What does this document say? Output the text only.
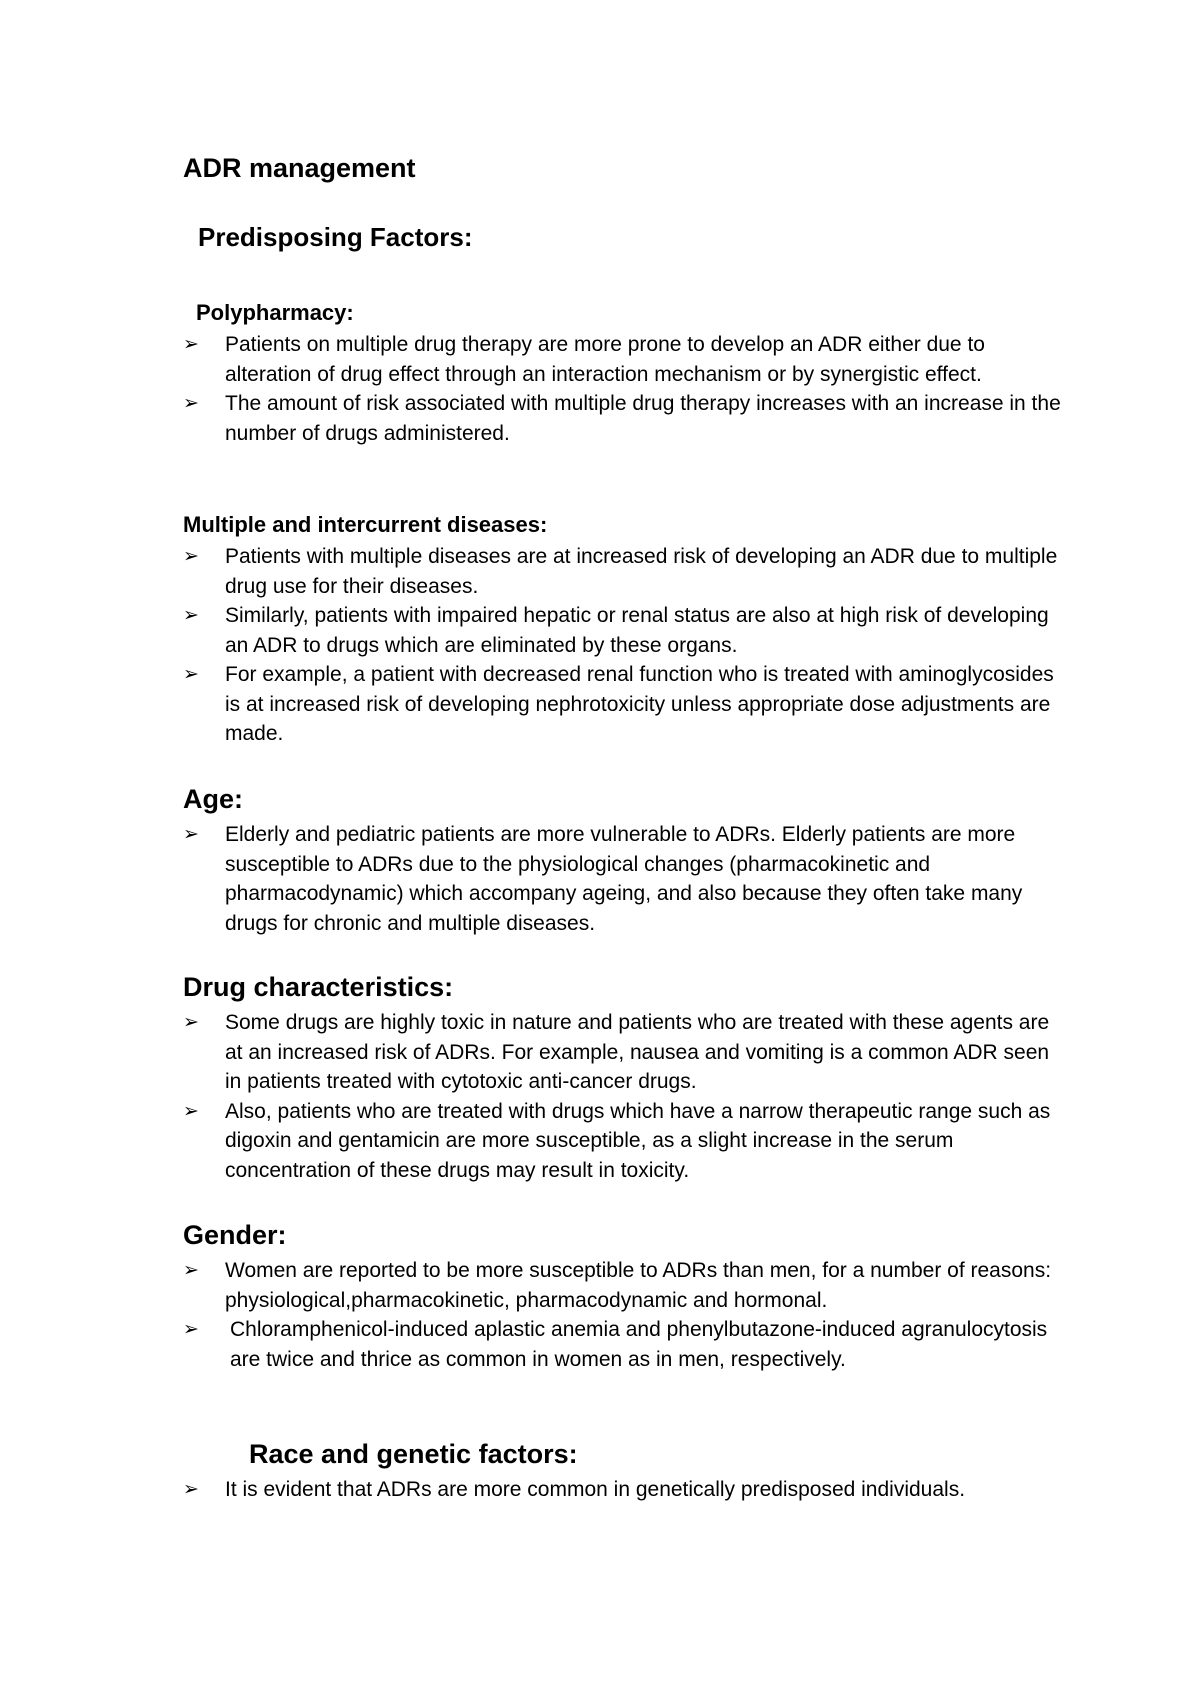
ADR management
Predisposing Factors:
Polypharmacy:
➢ Patients on multiple drug therapy are more prone to develop an ADR either due to alteration of drug effect through an interaction mechanism or by synergistic effect.
➢ The amount of risk associated with multiple drug therapy increases with an increase in the number of drugs administered.
Multiple and intercurrent diseases:
➢ Patients with multiple diseases are at increased risk of developing an ADR due to multiple drug use for their diseases.
➢ Similarly, patients with impaired hepatic or renal status are also at high risk of developing an ADR to drugs which are eliminated by these organs.
➢ For example, a patient with decreased renal function who is treated with aminoglycosides is at increased risk of developing nephrotoxicity unless appropriate dose adjustments are made.
Age:
➢ Elderly and pediatric patients are more vulnerable to ADRs. Elderly patients are more susceptible to ADRs due to the physiological changes (pharmacokinetic and pharmacodynamic) which accompany ageing, and also because they often take many drugs for chronic and multiple diseases.
Drug characteristics:
➢ Some drugs are highly toxic in nature and patients who are treated with these agents are at an increased risk of ADRs. For example, nausea and vomiting is a common ADR seen in patients treated with cytotoxic anti-cancer drugs.
➢ Also, patients who are treated with drugs which have a narrow therapeutic range such as digoxin and gentamicin are more susceptible, as a slight increase in the serum concentration of these drugs may result in toxicity.
Gender:
➢ Women are reported to be more susceptible to ADRs than men, for a number of reasons: physiological,pharmacokinetic, pharmacodynamic and hormonal.
➢ Chloramphenicol-induced aplastic anemia and phenylbutazone-induced agranulocytosis are twice and thrice as common in women as in men, respectively.
Race and genetic factors:
➢ It is evident that ADRs are more common in genetically predisposed individuals.
